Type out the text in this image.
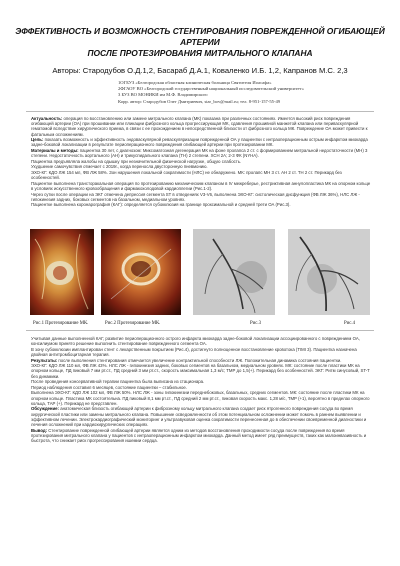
ЭФФЕКТИВНОСТЬ И ВОЗМОЖНОСТЬ СТЕНТИРОВАНИЯ ПОВРЕЖДЕННОЙ ОГИБАЮЩЕЙ АРТЕРИИ
ПОСЛЕ ПРОТЕЗИРОВАНИЯ МИТРАЛЬНОГО КЛАПАНА
Авторы: Стародубов О.Д.1,2, Басараб Д.А.1, Коваленко И.Б. 1,2, Капранов М.С. 2,3
1ОГБУЗ «Белгородская областная клиническая больница Святителя Иоасафа»
2ФГАОУ ВО «Белгородский государственный национальный исследовательский университет»
3 БУЗ ВО МОНИКИ им М.Ф. Владимирского
Корр. автор: Стародубов Олег Дмитриевич, star_bov@mail.ru; тел. 8-951-157-55-49

Актуальность: операция по восстановлению или замене митрального клапана (МК) показана при различных состояниях. Имеется высокий риск повреждения огибающей артерии (ОА) при прошивании или пликации фиброзного кольца прогрессирующая МК, сдавления прошивной манжетой клапана или периваскулярной гематомой вследствие хирургического приема, в связи с ее прохождением в непосредственной близости от фиброзного кольца МК. Повреждение ОА может привести к фатальным осложнениям.

Цель: показать возможность и эффективность эндоваскулярной реваскуляризации поврежденной ОА у пациентки с интраоперационным острым инфарктом миокарда задне-боковой локализации в результате периоперационного повреждения огибающей артерии при протезировании МК.

Материалы и методы: пациентка 30 лет, с диагнозом: Миксоматозная дегенерация МК на фоне пролапса 2 ст. с формированием митральной недостаточности (МН) 3 степени. Недостаточность аортального (АН) и трикуспидального клапана (ТН) 2 степени. ХСН 2А; 2-3 ФК (NYHA).

Пациентка предъявляла жалобы на одышку при незначительной физической нагрузке, общую слабость.

Ухудшение самочувствия отмечает с 2019г., когда переносла двусторонную пневмонию.

ЭХО-КГ: КДО ЛЖ 154 мл, ФВ ЛЖ 58%. Зон нарушения локальной сократимости (НЛС) не обнаружено. МК: пролапс МН 3 ст. АН 2 ст. ТН 2 ст. Перикард без особенностей.

Пациентке выполнена трансторакальная операция по протезированию механическим клапаном в IV межреберье, рестриктивная аннулопластика МК на опорном кольце в условиях искусственного кровообращения и фармакохолодовой кардиоплегии (Рис.1-2).

Через сутки после операции на ЭКГ отмечена депрессия сегмента ST в отведениях V3-V6, выполнена ЭХО-КГ: систолическая дисфункция (ФВ ЛЖ 36%), НЛС ЛЖ - гипокинезия задних, боковых сегментов на базальном, медиальном уровнях.

Пациентке выполнена коронарография (КАГ): определяется субокклюзия на границе проксимальной и средней трети ОА (Рис.3).

Рис.1 Протезирование МК.	Рис.2 Протезирование МК.	Рис.3	Рис.4

Учитывая данные выполненной КАГ, развитие периоперационного острого инфаркта миокарда задне-боковой локализации ассоциированного с повреждением ОА, консилиумом принято решение выполнить стентирование поврежденного сегмента ОА.

В зону субокклюзии имплантирован стент с лекарственным покрытием (Рис.4), достигнуто полноценное восстановление кровотока (TIMI 3). Пациентка назначена двойная антитромбоцитарная терапия.

Результаты: после выполнения стентирования отмечается увеличение контрактильной способности ЛЖ. Положительная динамика состояния пациентки.

ЭХО-КГ: КДО ЛЖ 110 мл, ФВ ЛЖ 43%. НЛС ЛЖ - гипокинезия задних, боковых сегментов на базальном, медиальном уровнях. МК: состояние после пластики МК на опорном кольце, ПД пиковый 7 мм рт.ст., ПД средний 3 мм рт.ст., скорость максимальная 1,3 м/с; ТМР до 1,5(+). Перикард без особенностей. ЭКГ: Ритм синусовый, ST-T без динамики.

После проведения консервативной терапии пациентка была выписана из стационара.

Период наблюдения составил 6 месяцев, состояние пациентки – стабильное.

Выполнена ЭХО-КГ: КДО ЛЖ 102 мл, ФВ ЛЖ 50%. НЛС ЛЖ - зоны гипокинезии переднебоковых, базальных, средних сегментов. МК: состояние после пластики МК на опорном кольце. Пластика МК состоятельна. ПД пиковый 8,1 мм рт.ст., ПД средний 2 мм рт.ст., пиковая скорость макс. 1,28 м/с, ТМР (+1), вероятно в пределах опорного кольца, ТАР (+). Перикард не представлен.

Обсуждение: анатомическая близость огибающей артерии к фиброзному кольцу митрального клапана создает риск ятрогенного повреждения сосуда во время хирургической пластики или замены митрального клапана. Повышение осведомленности об этом потенциальном осложнении может помочь в раннем выявлении и эффективном лечении. Электрокардиографический мониторинг и ультразвуковая оценка сократимости перенесенная до в обеспечении своевременной диагностики и лечения осложнений при кардиохирургических операциях.

Вывод: Стентирование поврежденной огибающей артерии является одним из методов восстановления проходимости сосуда после повреждения во время протезирования митрального клапана у пациентов с интраоперационным инфарктом миокарда. Данный метод имеет ряд преимуществ, таких как малоинвазивность и быстрота, что снижает риск прогрессирования ишемии сердца.
